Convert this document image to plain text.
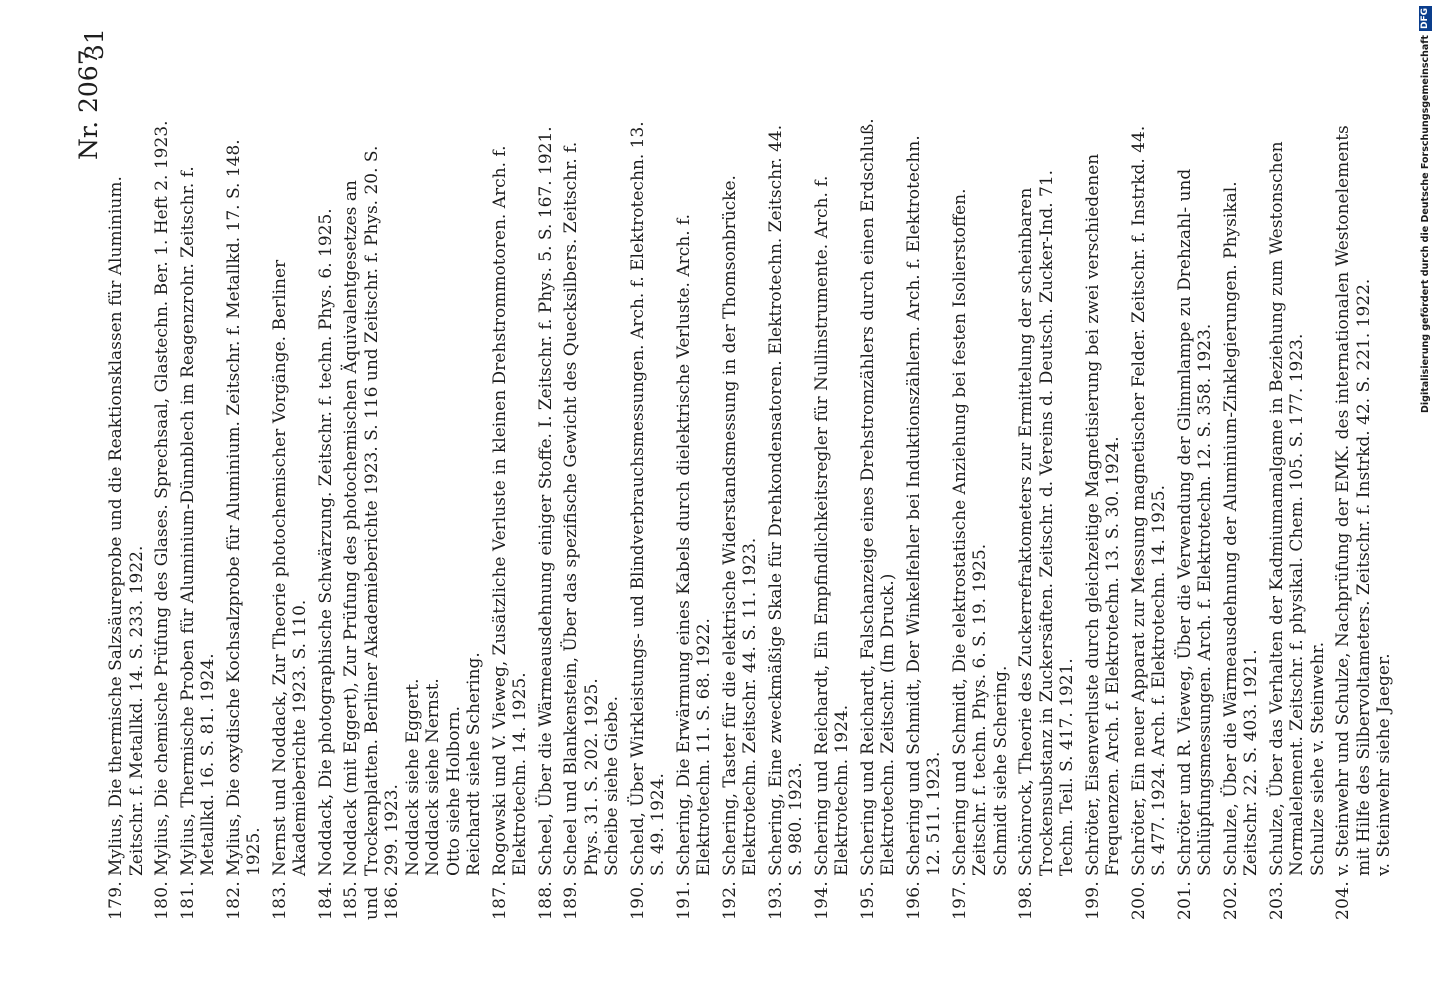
31
Nr. 2067
179.
Mylius, Die thermische Salzsäureprobe und die Reaktionsklassen für Aluminium. Zeitschr. f. Metallkd. 14. S. 233. 1922.
180.
Mylius, Die chemische Prüfung des Glases. Sprechsaal, Glastechn. Ber. 1. Heft 2. 1923.
181.
Mylius, Thermische Proben für Aluminium-Dünnblech im Reagenzrohr. Zeitschr. f. Metallkd. 16. S. 81. 1924.
182.
Mylius, Die oxydische Kochsalzprobe für Aluminium. Zeitschr. f. Metallkd. 17. S. 148. 1925.
183.
Nernst und Noddack, Zur Theorie photochemischer Vorgänge. Berliner Akademieberichte 1923. S. 110.
184.
Noddack, Die photographische Schwärzung. Zeitschr. f. techn. Phys. 6. 1925.
185. und 186.
Noddack (mit Eggert), Zur Prüfung des photochemischen Äquivalentgesetzes an Trockenplatten. Berliner Akademieberichte 1923. S. 116 und Zeitschr. f. Phys. 20. S. 299. 1923. Noddack siehe Eggert. Noddack siehe Nernst. Otto siehe Holborn. Reichardt siehe Schering.
187.
Rogowski und V. Vieweg, Zusätzliche Verluste in kleinen Drehstrommotoren. Arch. f. Elektrotechn. 14. 1925.
188.
Scheel, Über die Wärmeausdehnung einiger Stoffe. I. Zeitschr. f. Phys. 5. S. 167. 1921.
189.
Scheel und Blankenstein, Über das spezifische Gewicht des Quecksilbers. Zeitschr. f. Phys. 31. S. 202. 1925. Scheibe siehe Giebe.
190.
Scheld, Über Wirkleistungs- und Blindverbrauchsmessungen. Arch. f. Elektrotechn. 13. S. 49. 1924.
191.
Schering, Die Erwärmung eines Kabels durch dielektrische Verluste. Arch. f. Elektrotechn. 11. S. 68. 1922.
192.
Schering, Taster für die elektrische Widerstandsmessung in der Thomsonbrücke. Elektrotechn. Zeitschr. 44. S. 11. 1923.
193.
Schering, Eine zweckmäßige Skale für Drehkondensatoren. Elektrotechn. Zeitschr. 44. S. 980. 1923.
194.
Schering und Reichardt, Ein Empfindlichkeitsregler für Nullinstrumente. Arch. f. Elektrotechn. 1924.
195.
Schering und Reichardt, Falschanzeige eines Drehstromzählers durch einen Erdschluß. Elektrotechn. Zeitschr. (Im Druck.)
196.
Schering und Schmidt, Der Winkelfehler bei Induktionszählern. Arch. f. Elektrotechn. 12. 511. 1923.
197.
Schering und Schmidt, Die elektrostatische Anziehung bei festen Isolierstoffen. Zeitschr. f. techn. Phys. 6. S. 19. 1925. Schmidt siehe Schering.
198.
Schönrock, Theorie des Zuckerrefraktometers zur Ermittelung der scheinbaren Trockensubstanz in Zuckersäften. Zeitschr. d. Vereins d. Deutsch. Zucker-Ind. 71. Techn. Teil. S. 417. 1921.
199.
Schröter, Eisenverluste durch gleichzeitige Magnetisierung bei zwei verschiedenen Frequenzen. Arch. f. Elektrotechn. 13. S. 30. 1924.
200.
Schröter, Ein neuer Apparat zur Messung magnetischer Felder. Zeitschr. f. Instrkd. 44. S. 477. 1924. Arch. f. Elektrotechn. 14. 1925.
201.
Schröter und R. Vieweg, Über die Verwendung der Glimmlampe zu Drehzahl- und Schlüpfungsmessungen. Arch. f. Elektrotechn. 12. S. 358. 1923.
202.
Schulze, Über die Wärmeausdehnung der Aluminium-Zinklegierungen. Physikal. Zeitschr. 22. S. 403. 1921.
203.
Schulze, Über das Verhalten der Kadmiumamalgame in Beziehung zum Westonschen Normalelement. Zeitschr. f. physikal. Chem. 105. S. 177. 1923. Schulze siehe v. Steinwehr.
204.
v. Steinwehr und Schulze, Nachprüfung der EMK. des internationalen Westonelements mit Hilfe des Silbervoltameters. Zeitschr. f. Instrkd. 42. S. 221. 1922. v. Steinwehr siehe Jaeger.
Digitalisierung gefördert durch die Deutsche Forschungsgemeinschaft
DFG
